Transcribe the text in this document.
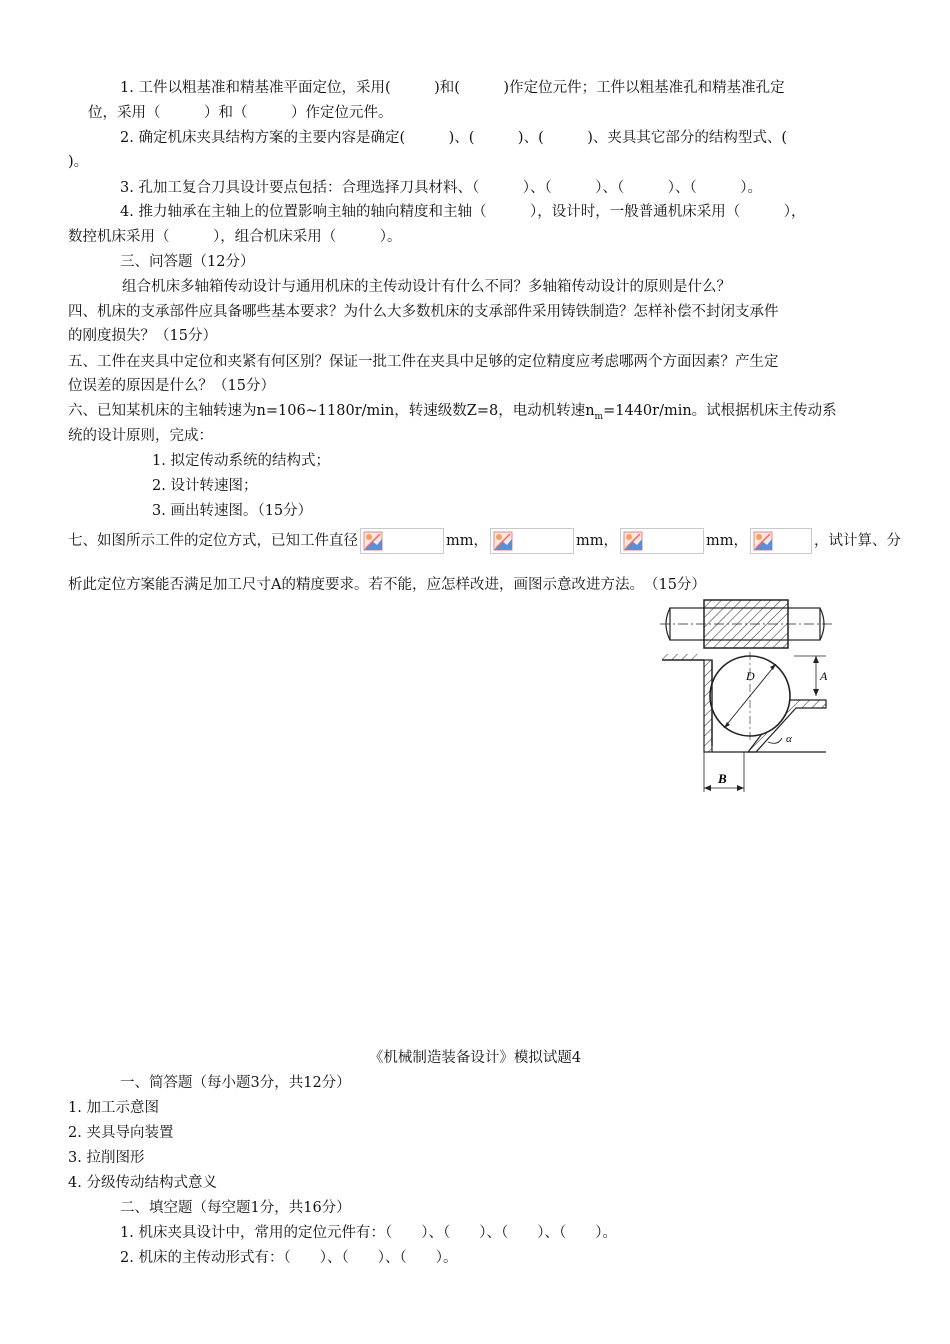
1. 工件以粗基准和精基准平面定位，采用(　　　)和(　　　)作定位元件；工件以粗基准孔和精基准孔定
位，采用（　　　）和（　　　）作定位元件。
2. 确定机床夹具结构方案的主要内容是确定(　　　)、(　　　)、(　　　)、夹具其它部分的结构型式、(
)。
3. 孔加工复合刀具设计要点包括：合理选择刀具材料、（　　　）、（　　　）、（　　　）、（　　　）。
4. 推力轴承在主轴上的位置影响主轴的轴向精度和主轴（　　　），设计时，一般普通机床采用（　　　），
数控机床采用（　　　），组合机床采用（　　　）。
三、问答题（12分）
组合机床多轴箱传动设计与通用机床的主传动设计有什么不同？多轴箱传动设计的原则是什么？
四、机床的支承部件应具备哪些基本要求？为什么大多数机床的支承部件采用铸铁制造？怎样补偿不封闭支承件
的刚度损失？（15分）
五、工件在夹具中定位和夹紧有何区别？保证一批工件在夹具中足够的定位精度应考虑哪两个方面因素？产生定
位误差的原因是什么？（15分）
六、已知某机床的主轴转速为n=106~1180r/min，转速级数Z=8，电动机转速$n_m=1440r/\min$。试根据机床主传动系
统的设计原则，完成：
1. 拟定传动系统的结构式；
2. 设计转速图；
3. 画出转速图。（15分）
七、如图所示工件的定位方式，已知工件直径	mm，	mm，	mm，	，试计算、分
析此定位方案能否满足加工尺寸A的精度要求。若不能，应怎样改进，画图示意改进方法。　（15分）
D	A
B
α
《机械制造装备设计》模拟试题4
一、简答题（每小题3分，共12分）
1. 加工示意图
2. 夹具导向装置
3. 拉削图形
4. 分级传动结构式意义
二、填空题（每空题1分，共16分）
1. 机床夹具设计中，常用的定位元件有：（　　）、（　　）、（　　）、（　　）。
2. 机床的主传动形式有：（　　）、（　　）、（　　）。
